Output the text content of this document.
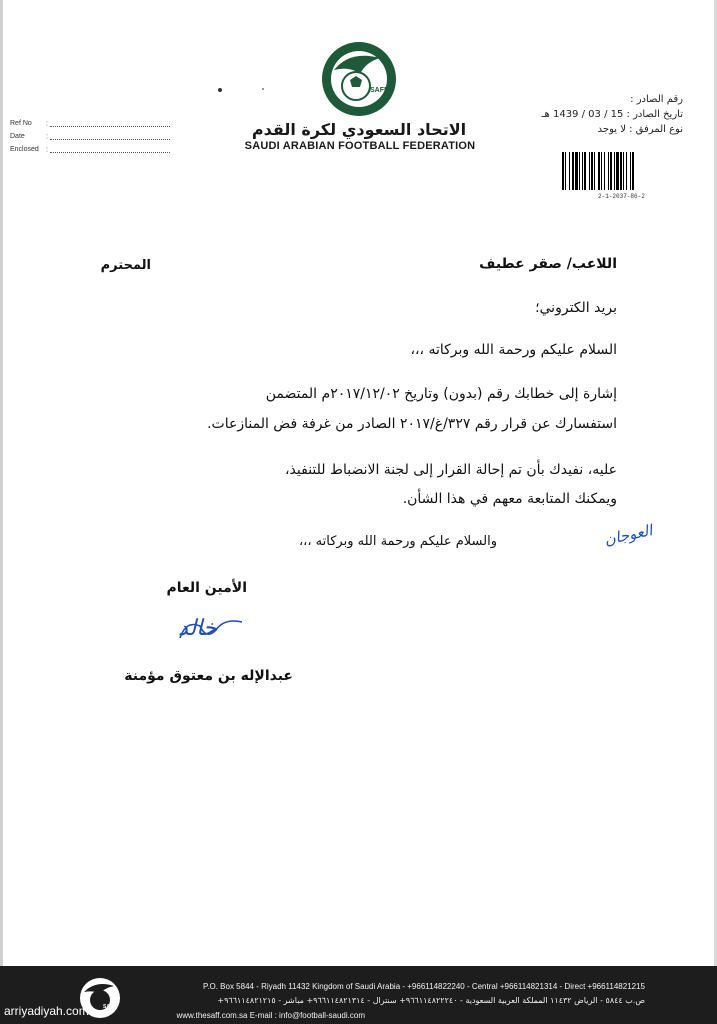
SAFF
الاتحاد السعودي لكرة القدم
SAUDI ARABIAN FOOTBALL FEDERATION
Ref No :
Date	:
Enclosed :
رقم الصادر :
تاريخ الصادر : 15 / 03 / 1439 هـ
نوع المرفق : لا يوجد
2-1-2037-86-2
اللاعب/ صقر عطيف
المحترم
بريد الكتروني؛
السلام عليكم ورحمة الله وبركاته ،،،
إشارة إلى خطابك رقم (بدون) وتاريخ ٢٠١٧/١٢/٠٢م المتضمن
استفسارك عن قرار رقم ٣٢٧/غ/٢٠١٧ الصادر من غرفة فض المنازعات.
عليه، نفيدك بأن تم إحالة القرار إلى لجنة الانضباط للتنفيذ،
ويمكنك المتابعة معهم في هذا الشأن.
والسلام عليكم ورحمة الله وبركاته ،،،	العوجان
الأمين العام
خالد
عبدالإله بن معتوق مؤمنة
SAFF
P.O. Box 5844 - Riyadh 11432 Kingdom of Saudi Arabia - +966114822240 - Central +966114821314 - Direct +966114821215
ص.ب ٥٨٤٤ - الرياض ١١٤٣٢ المملكة العربية السعودية - ٩٦٦١١٤٨٢٢٢٤٠+ سنترال - ٩٦٦١١٤٨٢١٣١٤+ مباشر - ٩٦٦١١٤٨٢١٢١٥+
www.thesaff.com.sa E-mail : info@football-saudi.com
arriyadiyah.com
